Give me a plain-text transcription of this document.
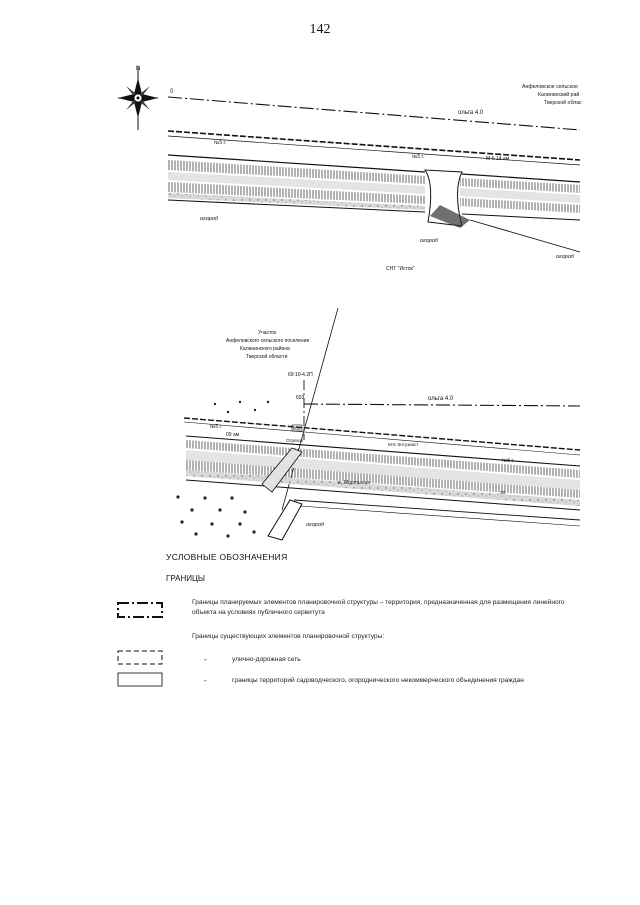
142
N
0
ольга 4.0
Анфеловское сельское
Калининский рай
Тверской облас
№5 г.
№5 г.	М-6 14 ам
огород
огород
огород
СНТ "Исток"
Участок
Анфеловского сельского поселения
Калининского района
Тверской области
69:10-4.2П
603
602
ольга 4.0
№5 г.
09 ам
№5 г.
Отрезок
М-6 Энтузиаст
38
в. Мортынин
огород
УСЛОВНЫЕ ОБОЗНАЧЕНИЯ
ГРАНИЦЫ
Границы планируемых элементов планировочной структуры – территория, предназначенная для размещения линейного объекта на условиях публичного сервитута
Границы существующих элементов планировочной структуры:
-	улично-дорожная сеть
-	границы территорий садоводческого, огороднического некоммерческого объединения граждан
